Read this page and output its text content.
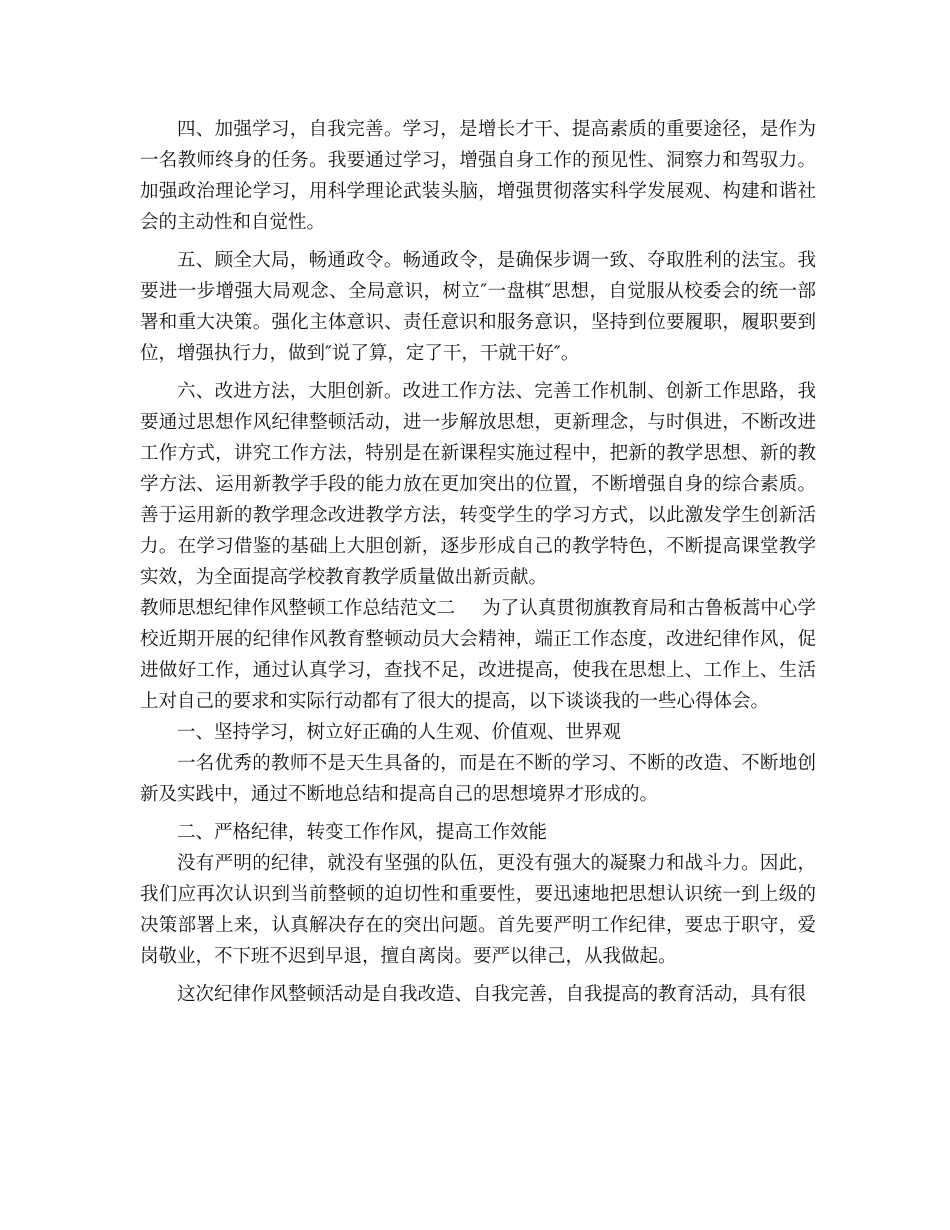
四、加强学习，自我完善。学习，是增长才干、提高素质的重要途径，是作为一名教师终身的任务。我要通过学习，增强自身工作的预见性、洞察力和驾驭力。加强政治理论学习，用科学理论武装头脑，增强贯彻落实科学发展观、构建和谐社会的主动性和自觉性。

五、顾全大局，畅通政令。畅通政令，是确保步调一致、夺取胜利的法宝。我要进一步增强大局观念、全局意识，树立″一盘棋″思想，自觉服从校委会的统一部署和重大决策。强化主体意识、责任意识和服务意识，坚持到位要履职，履职要到位，增强执行力，做到″说了算，定了干，干就干好″。

六、改进方法，大胆创新。改进工作方法、完善工作机制、创新工作思路，我要通过思想作风纪律整顿活动，进一步解放思想，更新理念，与时俱进，不断改进工作方式，讲究工作方法，特别是在新课程实施过程中，把新的教学思想、新的教学方法、运用新教学手段的能力放在更加突出的位置，不断增强自身的综合素质。善于运用新的教学理念改进教学方法，转变学生的学习方式，以此激发学生创新活力。在学习借鉴的基础上大胆创新，逐步形成自己的教学特色，不断提高课堂教学实效，为全面提高学校教育教学质量做出新贡献。

教师思想纪律作风整顿工作总结范文二 为了认真贯彻旗教育局和古鲁板蒿中心学校近期开展的纪律作风教育整顿动员大会精神，端正工作态度，改进纪律作风，促进做好工作，通过认真学习，查找不足，改进提高，使我在思想上、工作上、生活上对自己的要求和实际行动都有了很大的提高，以下谈谈我的一些心得体会。

一、坚持学习，树立好正确的人生观、价值观、世界观

一名优秀的教师不是天生具备的，而是在不断的学习、不断的改造、不断地创新及实践中，通过不断地总结和提高自己的思想境界才形成的。

二、严格纪律，转变工作作风，提高工作效能

没有严明的纪律，就没有坚强的队伍，更没有强大的凝聚力和战斗力。因此，我们应再次认识到当前整顿的迫切性和重要性，要迅速地把思想认识统一到上级的决策部署上来，认真解决存在的突出问题。首先要严明工作纪律，要忠于职守，爱岗敬业，不下班不迟到早退，擅自离岗。要严以律己，从我做起。

这次纪律作风整顿活动是自我改造、自我完善，自我提高的教育活动，具有很
